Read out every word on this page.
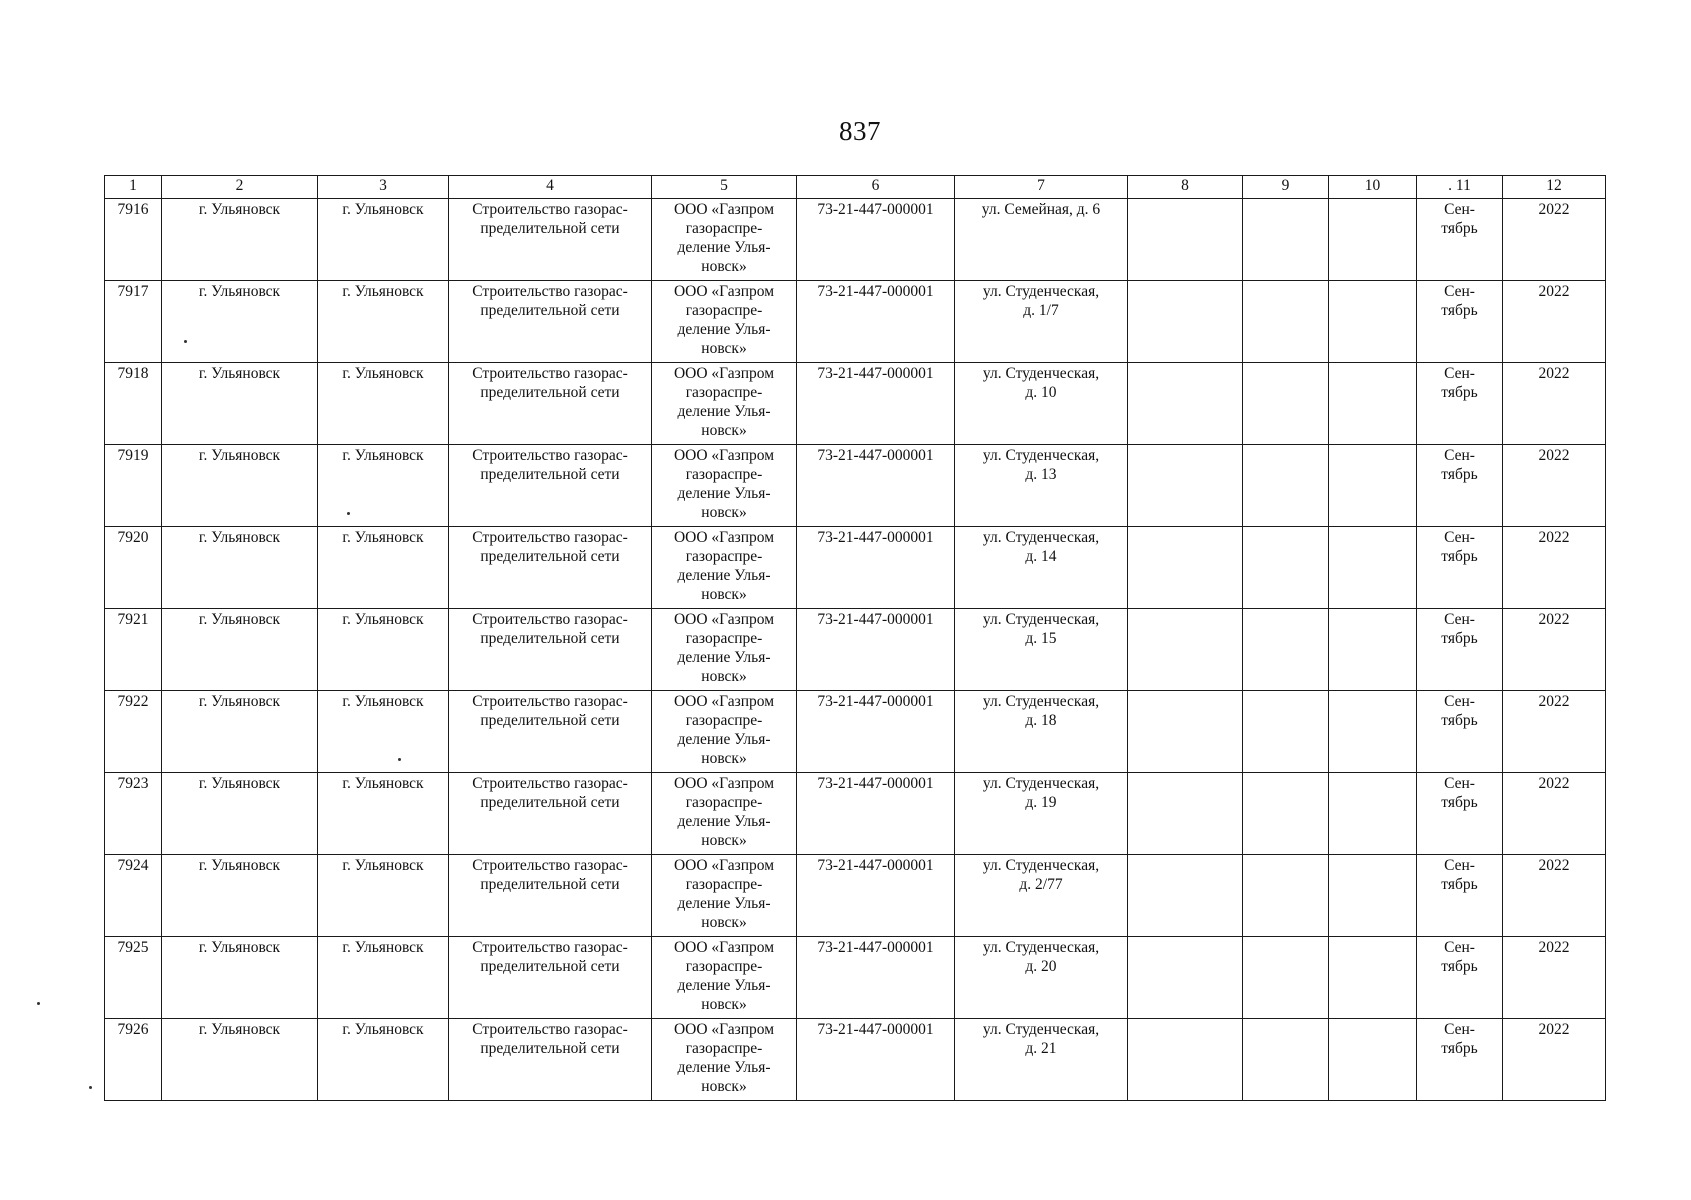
837
1	2	3	4	5	6	7	8	9	10	. 11	12
7916	г. Ульяновск	г. Ульяновск	Строительство газорас-
пределительной сети	ООО «Газпром
газораспре-
деление Улья-
новск»	73-21-447-000001	ул. Семейная, д. 6				Сен-
тябрь	2022
7917	г. Ульяновск	г. Ульяновск	Строительство газорас-
пределительной сети	ООО «Газпром
газораспре-
деление Улья-
новск»	73-21-447-000001	ул. Студенческая,
д. 1/7				Сен-
тябрь	2022
7918	г. Ульяновск	г. Ульяновск	Строительство газорас-
пределительной сети	ООО «Газпром
газораспре-
деление Улья-
новск»	73-21-447-000001	ул. Студенческая,
д. 10				Сен-
тябрь	2022
7919	г. Ульяновск	г. Ульяновск	Строительство газорас-
пределительной сети	ООО «Газпром
газораспре-
деление Улья-
новск»	73-21-447-000001	ул. Студенческая,
д. 13				Сен-
тябрь	2022
7920	г. Ульяновск	г. Ульяновск	Строительство газорас-
пределительной сети	ООО «Газпром
газораспре-
деление Улья-
новск»	73-21-447-000001	ул. Студенческая,
д. 14				Сен-
тябрь	2022
7921	г. Ульяновск	г. Ульяновск	Строительство газорас-
пределительной сети	ООО «Газпром
газораспре-
деление Улья-
новск»	73-21-447-000001	ул. Студенческая,
д. 15				Сен-
тябрь	2022
7922	г. Ульяновск	г. Ульяновск	Строительство газорас-
пределительной сети	ООО «Газпром
газораспре-
деление Улья-
новск»	73-21-447-000001	ул. Студенческая,
д. 18				Сен-
тябрь	2022
7923	г. Ульяновск	г. Ульяновск	Строительство газорас-
пределительной сети	ООО «Газпром
газораспре-
деление Улья-
новск»	73-21-447-000001	ул. Студенческая,
д. 19				Сен-
тябрь	2022
7924	г. Ульяновск	г. Ульяновск	Строительство газорас-
пределительной сети	ООО «Газпром
газораспре-
деление Улья-
новск»	73-21-447-000001	ул. Студенческая,
д. 2/77				Сен-
тябрь	2022
7925	г. Ульяновск	г. Ульяновск	Строительство газорас-
пределительной сети	ООО «Газпром
газораспре-
деление Улья-
новск»	73-21-447-000001	ул. Студенческая,
д. 20				Сен-
тябрь	2022
7926	г. Ульяновск	г. Ульяновск	Строительство газорас-
пределительной сети	ООО «Газпром
газораспре-
деление Улья-
новск»	73-21-447-000001	ул. Студенческая,
д. 21				Сен-
тябрь	2022
